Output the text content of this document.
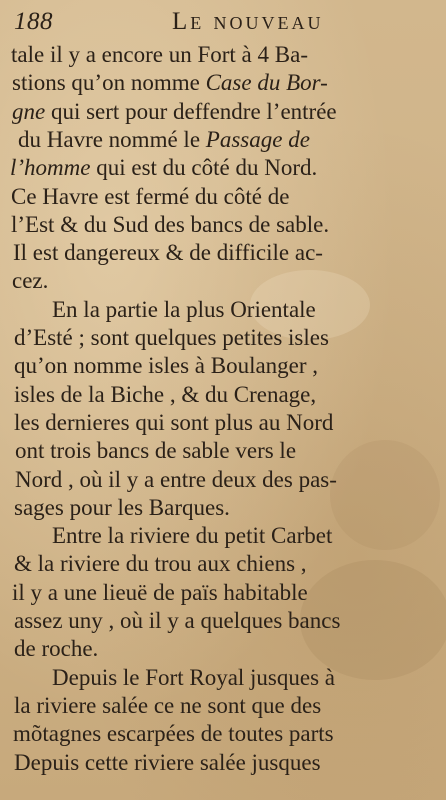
188	Le nouveau
tale il y a encore un Fort à 4 Ba-
stions qu’on nomme Case du Bor-
gne qui sert pour deffendre l’entrée
du Havre nommé le Passage de
l’homme qui est du côté du Nord.
Ce Havre est fermé du côté de
l’Est & du Sud des bancs de sable.
Il est dangereux & de difficile ac-
cez.
En la partie la plus Orientale
d’Esté ; sont quelques petites isles
qu’on nomme isles à Boulanger ,
isles de la Biche , & du Crenage,
les dernieres qui sont plus au Nord
ont trois bancs de sable vers le
Nord , où il y a entre deux des pas-
sages pour les Barques.
Entre la riviere du petit Carbet
& la riviere du trou aux chiens ,
il y a une lieuë de païs habitable
assez uny , où il y a quelques bancs
de roche.
Depuis le Fort Royal jusques à
la riviere salée ce ne sont que des
mõtagnes escarpées de toutes parts
Depuis cette riviere salée jusques
